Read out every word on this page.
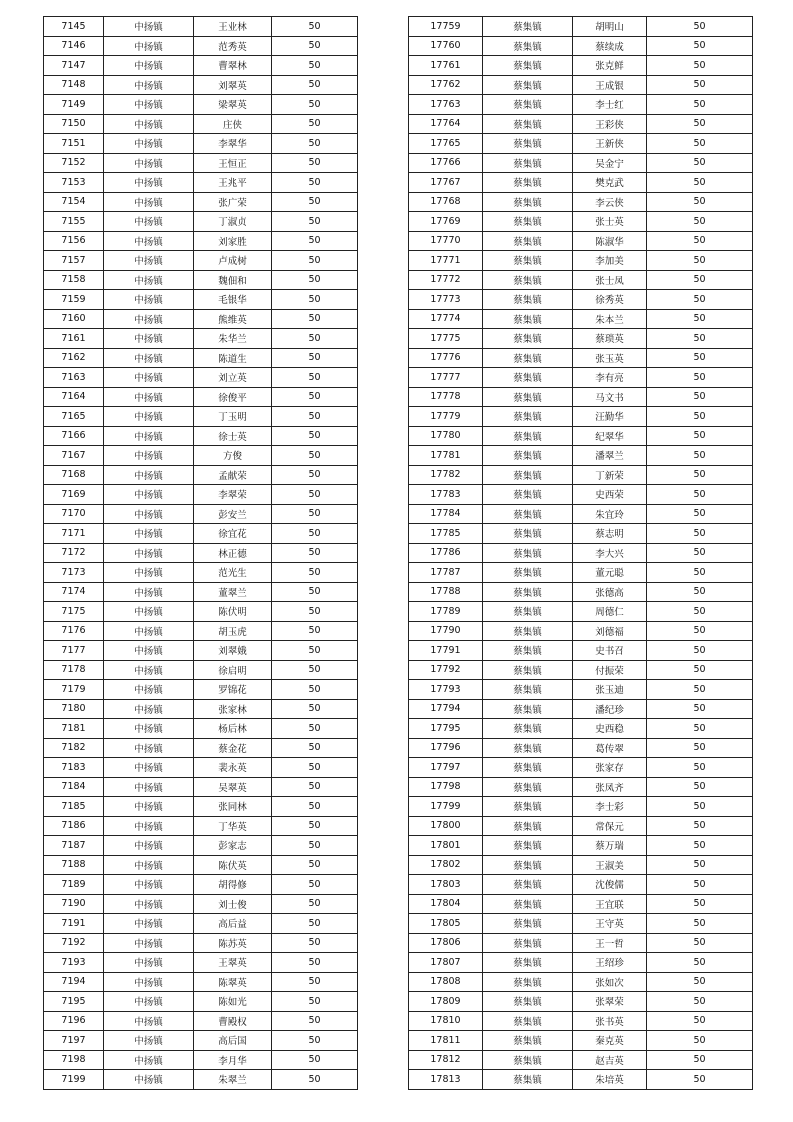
7145	中扬镇	王业林	50
7146	中扬镇	范秀英	50
7147	中扬镇	曹翠林	50
7148	中扬镇	刘翠英	50
7149	中扬镇	梁翠英	50
7150	中扬镇	庄侠	50
7151	中扬镇	李翠华	50
7152	中扬镇	王恒正	50
7153	中扬镇	王兆平	50
7154	中扬镇	张广荣	50
7155	中扬镇	丁淑贞	50
7156	中扬镇	刘家胜	50
7157	中扬镇	卢成树	50
7158	中扬镇	魏佃和	50
7159	中扬镇	毛银华	50
7160	中扬镇	熊维英	50
7161	中扬镇	朱华兰	50
7162	中扬镇	陈道生	50
7163	中扬镇	刘立英	50
7164	中扬镇	徐俊平	50
7165	中扬镇	丁玉明	50
7166	中扬镇	徐士英	50
7167	中扬镇	方俊	50
7168	中扬镇	孟献荣	50
7169	中扬镇	李翠荣	50
7170	中扬镇	彭安兰	50
7171	中扬镇	徐宜花	50
7172	中扬镇	林正德	50
7173	中扬镇	范光生	50
7174	中扬镇	董翠兰	50
7175	中扬镇	陈伏明	50
7176	中扬镇	胡玉虎	50
7177	中扬镇	刘翠娥	50
7178	中扬镇	徐启明	50
7179	中扬镇	罗锦花	50
7180	中扬镇	张家林	50
7181	中扬镇	杨后林	50
7182	中扬镇	蔡金花	50
7183	中扬镇	裴永英	50
7184	中扬镇	吴翠英	50
7185	中扬镇	张同林	50
7186	中扬镇	丁华英	50
7187	中扬镇	彭家志	50
7188	中扬镇	陈伏英	50
7189	中扬镇	胡得修	50
7190	中扬镇	刘士俊	50
7191	中扬镇	高后益	50
7192	中扬镇	陈苏英	50
7193	中扬镇	王翠英	50
7194	中扬镇	陈翠英	50
7195	中扬镇	陈如光	50
7196	中扬镇	曹殿权	50
7197	中扬镇	高后国	50
7198	中扬镇	李月华	50
7199	中扬镇	朱翠兰	50
17759	蔡集镇	胡明山	50
17760	蔡集镇	蔡续成	50
17761	蔡集镇	张克鲜	50
17762	蔡集镇	王成银	50
17763	蔡集镇	李士红	50
17764	蔡集镇	王彩侠	50
17765	蔡集镇	王新侠	50
17766	蔡集镇	吴金宁	50
17767	蔡集镇	樊克武	50
17768	蔡集镇	李云侠	50
17769	蔡集镇	张士英	50
17770	蔡集镇	陈淑华	50
17771	蔡集镇	李加美	50
17772	蔡集镇	张士凤	50
17773	蔡集镇	徐秀英	50
17774	蔡集镇	朱本兰	50
17775	蔡集镇	蔡琐英	50
17776	蔡集镇	张玉英	50
17777	蔡集镇	李有亮	50
17778	蔡集镇	马文书	50
17779	蔡集镇	汪勤华	50
17780	蔡集镇	纪翠华	50
17781	蔡集镇	潘翠兰	50
17782	蔡集镇	丁新荣	50
17783	蔡集镇	史西荣	50
17784	蔡集镇	朱宜玲	50
17785	蔡集镇	蔡志明	50
17786	蔡集镇	李大兴	50
17787	蔡集镇	董元聪	50
17788	蔡集镇	张德高	50
17789	蔡集镇	周德仁	50
17790	蔡集镇	刘德福	50
17791	蔡集镇	史书召	50
17792	蔡集镇	付振荣	50
17793	蔡集镇	张玉迪	50
17794	蔡集镇	潘纪珍	50
17795	蔡集镇	史西稳	50
17796	蔡集镇	葛传翠	50
17797	蔡集镇	张家存	50
17798	蔡集镇	张凤齐	50
17799	蔡集镇	李士彩	50
17800	蔡集镇	常保元	50
17801	蔡集镇	蔡万瑞	50
17802	蔡集镇	王淑美	50
17803	蔡集镇	沈俊儒	50
17804	蔡集镇	王宜联	50
17805	蔡集镇	王守英	50
17806	蔡集镇	王一哲	50
17807	蔡集镇	王绍珍	50
17808	蔡集镇	张如次	50
17809	蔡集镇	张翠荣	50
17810	蔡集镇	张书英	50
17811	蔡集镇	秦克英	50
17812	蔡集镇	赵吉英	50
17813	蔡集镇	朱培英	50
